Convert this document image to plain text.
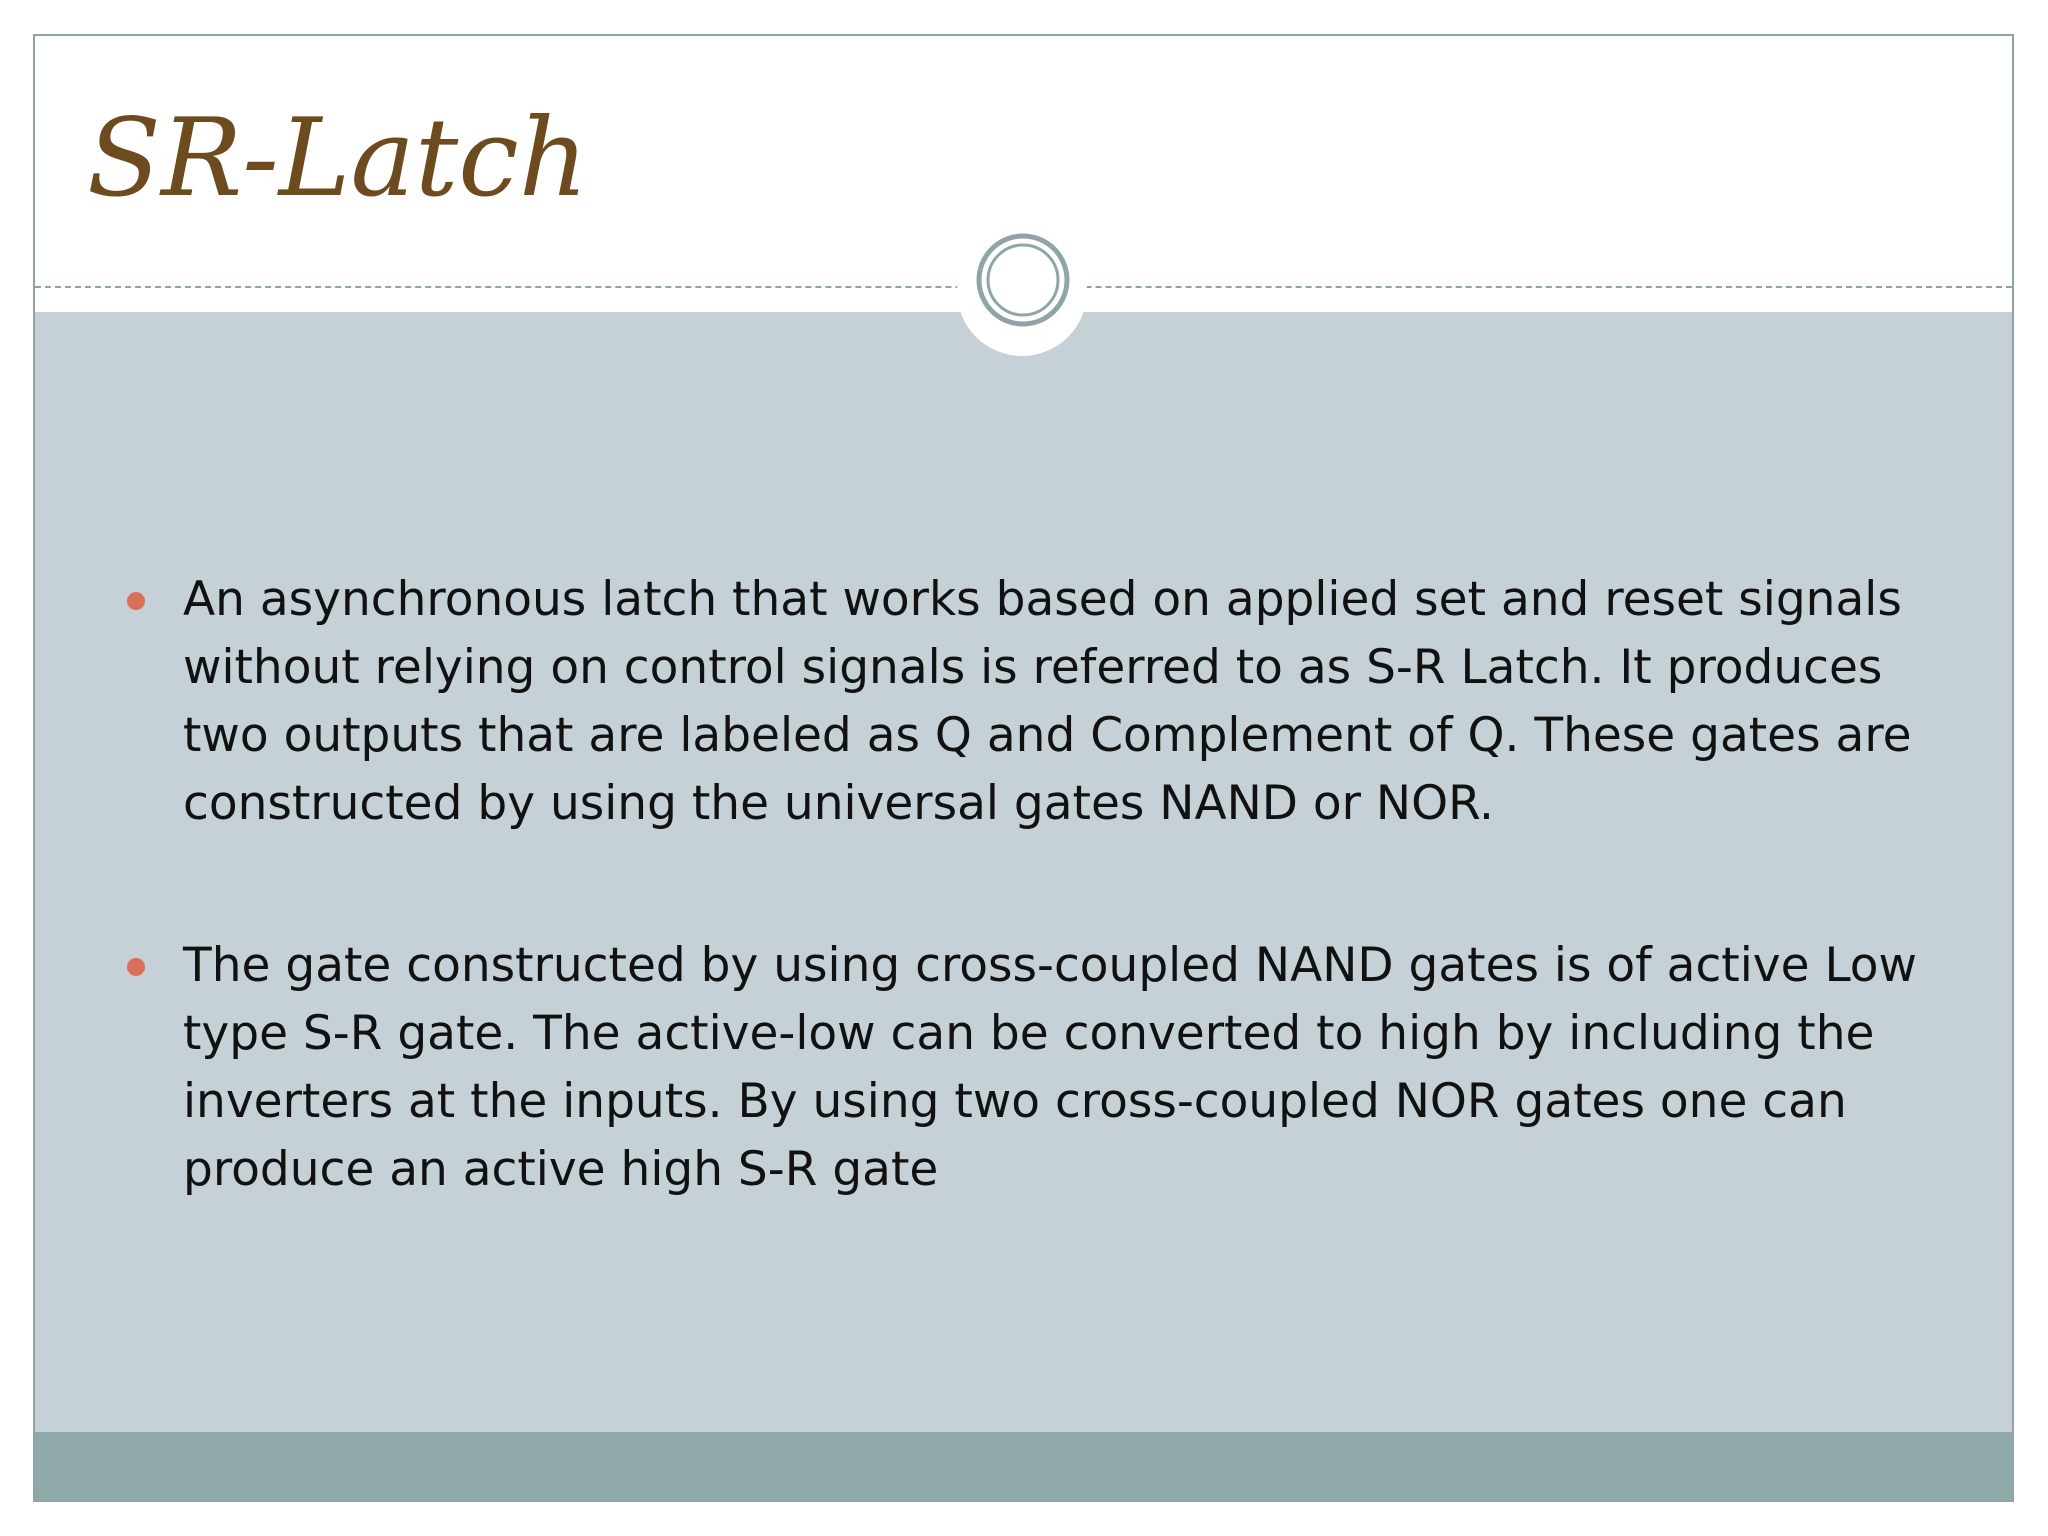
SR-Latch
An asynchronous latch that works based on applied set and reset signals without relying on control signals is referred to as S-R Latch. It produces two outputs that are labeled as Q and Complement of Q. These gates are constructed by using the universal gates NAND or NOR.
The gate constructed by using cross-coupled NAND gates is of active Low type S-R gate. The active-low can be converted to high by including the inverters at the inputs. By using two cross-coupled NOR gates one can produce an active high S-R gate
